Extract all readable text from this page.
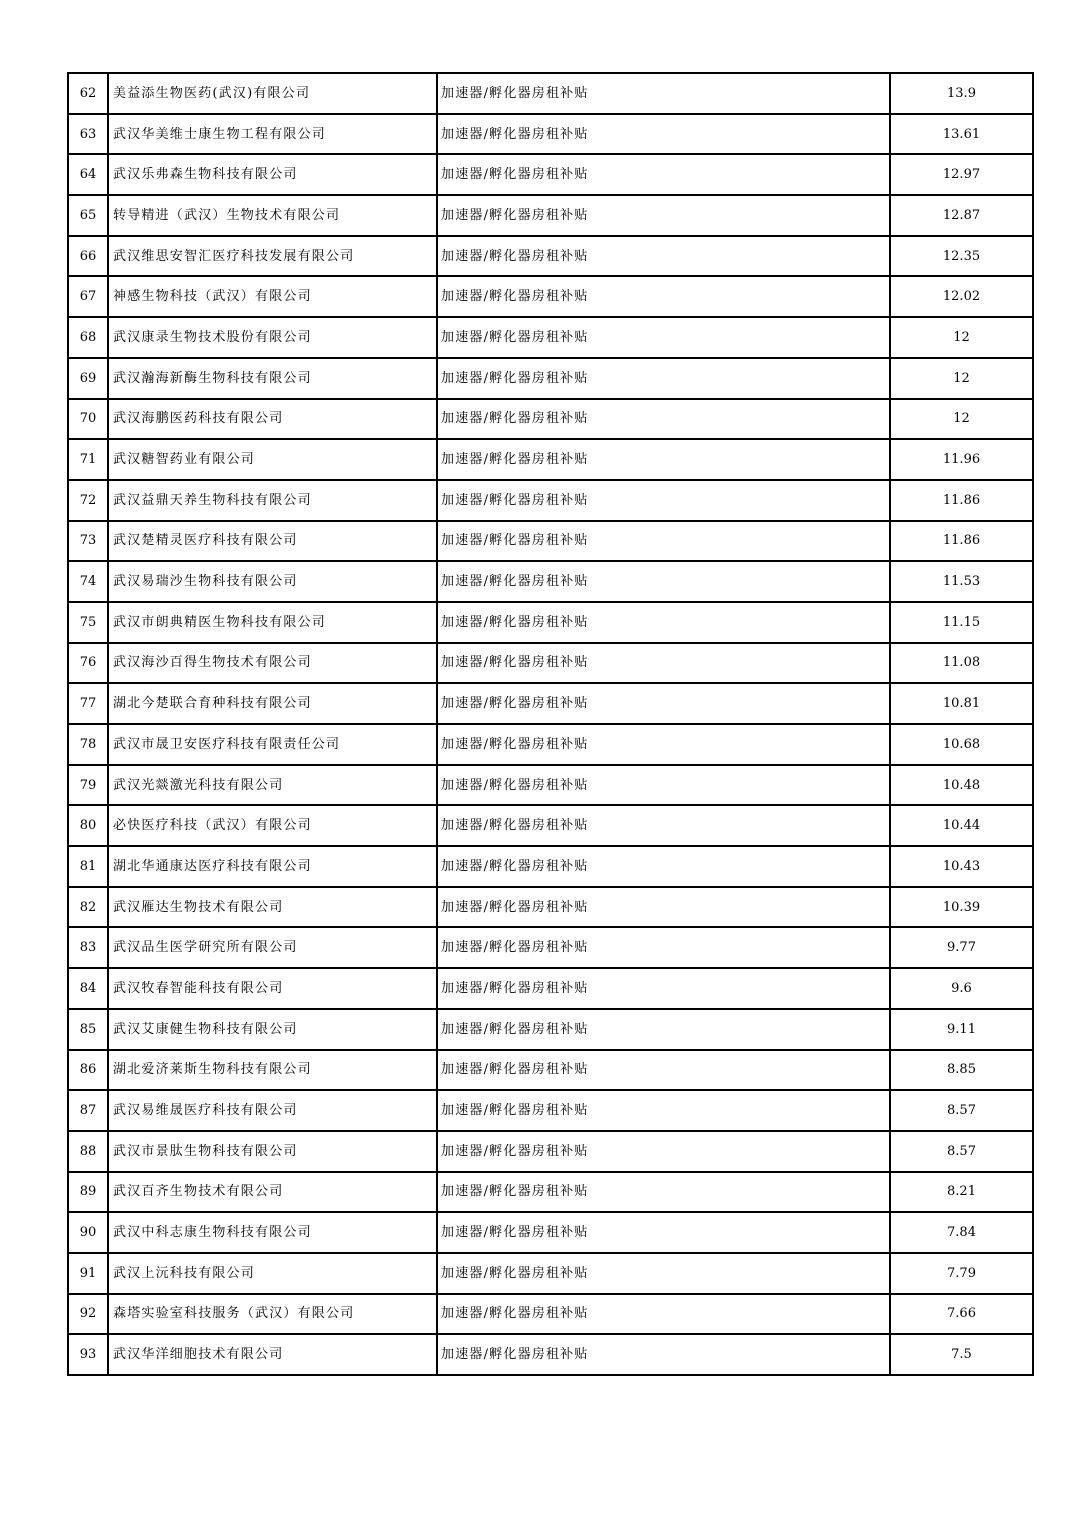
62	美益添生物医药(武汉)有限公司	加速器/孵化器房租补贴	13.9
63	武汉华美维士康生物工程有限公司	加速器/孵化器房租补贴	13.61
64	武汉乐弗森生物科技有限公司	加速器/孵化器房租补贴	12.97
65	转导精进（武汉）生物技术有限公司	加速器/孵化器房租补贴	12.87
66	武汉维思安智汇医疗科技发展有限公司	加速器/孵化器房租补贴	12.35
67	神感生物科技（武汉）有限公司	加速器/孵化器房租补贴	12.02
68	武汉康录生物技术股份有限公司	加速器/孵化器房租补贴	12
69	武汉瀚海新酶生物科技有限公司	加速器/孵化器房租补贴	12
70	武汉海鹏医药科技有限公司	加速器/孵化器房租补贴	12
71	武汉糖智药业有限公司	加速器/孵化器房租补贴	11.96
72	武汉益鼎天养生物科技有限公司	加速器/孵化器房租补贴	11.86
73	武汉楚精灵医疗科技有限公司	加速器/孵化器房租补贴	11.86
74	武汉易瑞沙生物科技有限公司	加速器/孵化器房租补贴	11.53
75	武汉市朗典精医生物科技有限公司	加速器/孵化器房租补贴	11.15
76	武汉海沙百得生物技术有限公司	加速器/孵化器房租补贴	11.08
77	湖北今楚联合育种科技有限公司	加速器/孵化器房租补贴	10.81
78	武汉市晟卫安医疗科技有限责任公司	加速器/孵化器房租补贴	10.68
79	武汉光燚激光科技有限公司	加速器/孵化器房租补贴	10.48
80	必快医疗科技（武汉）有限公司	加速器/孵化器房租补贴	10.44
81	湖北华通康达医疗科技有限公司	加速器/孵化器房租补贴	10.43
82	武汉雁达生物技术有限公司	加速器/孵化器房租补贴	10.39
83	武汉品生医学研究所有限公司	加速器/孵化器房租补贴	9.77
84	武汉牧春智能科技有限公司	加速器/孵化器房租补贴	9.6
85	武汉艾康健生物科技有限公司	加速器/孵化器房租补贴	9.11
86	湖北爱济莱斯生物科技有限公司	加速器/孵化器房租补贴	8.85
87	武汉易维晟医疗科技有限公司	加速器/孵化器房租补贴	8.57
88	武汉市景肽生物科技有限公司	加速器/孵化器房租补贴	8.57
89	武汉百齐生物技术有限公司	加速器/孵化器房租补贴	8.21
90	武汉中科志康生物科技有限公司	加速器/孵化器房租补贴	7.84
91	武汉上沅科技有限公司	加速器/孵化器房租补贴	7.79
92	森塔实验室科技服务（武汉）有限公司	加速器/孵化器房租补贴	7.66
93	武汉华洋细胞技术有限公司	加速器/孵化器房租补贴	7.5
